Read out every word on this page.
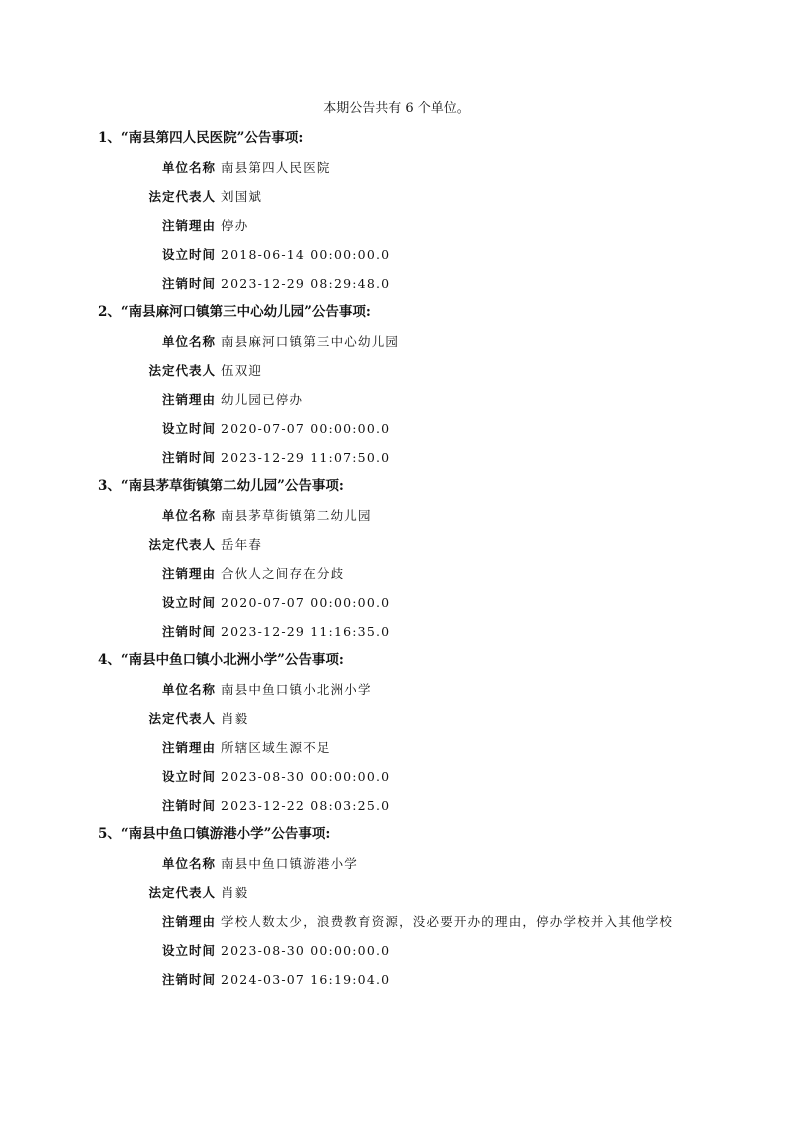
本期公告共有 6 个单位。
1、“南县第四人民医院”公告事项:
单位名称 南县第四人民医院
法定代表人 刘国斌
注销理由 停办
设立时间 2018-06-14 00:00:00.0
注销时间 2023-12-29 08:29:48.0
2、“南县麻河口镇第三中心幼儿园”公告事项:
单位名称 南县麻河口镇第三中心幼儿园
法定代表人 伍双迎
注销理由 幼儿园已停办
设立时间 2020-07-07 00:00:00.0
注销时间 2023-12-29 11:07:50.0
3、“南县茅草街镇第二幼儿园”公告事项:
单位名称 南县茅草街镇第二幼儿园
法定代表人 岳年春
注销理由 合伙人之间存在分歧
设立时间 2020-07-07 00:00:00.0
注销时间 2023-12-29 11:16:35.0
4、“南县中鱼口镇小北洲小学”公告事项:
单位名称 南县中鱼口镇小北洲小学
法定代表人 肖毅
注销理由 所辖区域生源不足
设立时间 2023-08-30 00:00:00.0
注销时间 2023-12-22 08:03:25.0
5、“南县中鱼口镇游港小学”公告事项:
单位名称 南县中鱼口镇游港小学
法定代表人 肖毅
注销理由 学校人数太少，浪费教育资源，没必要开办的理由，停办学校并入其他学校
设立时间 2023-08-30 00:00:00.0
注销时间 2024-03-07 16:19:04.0
